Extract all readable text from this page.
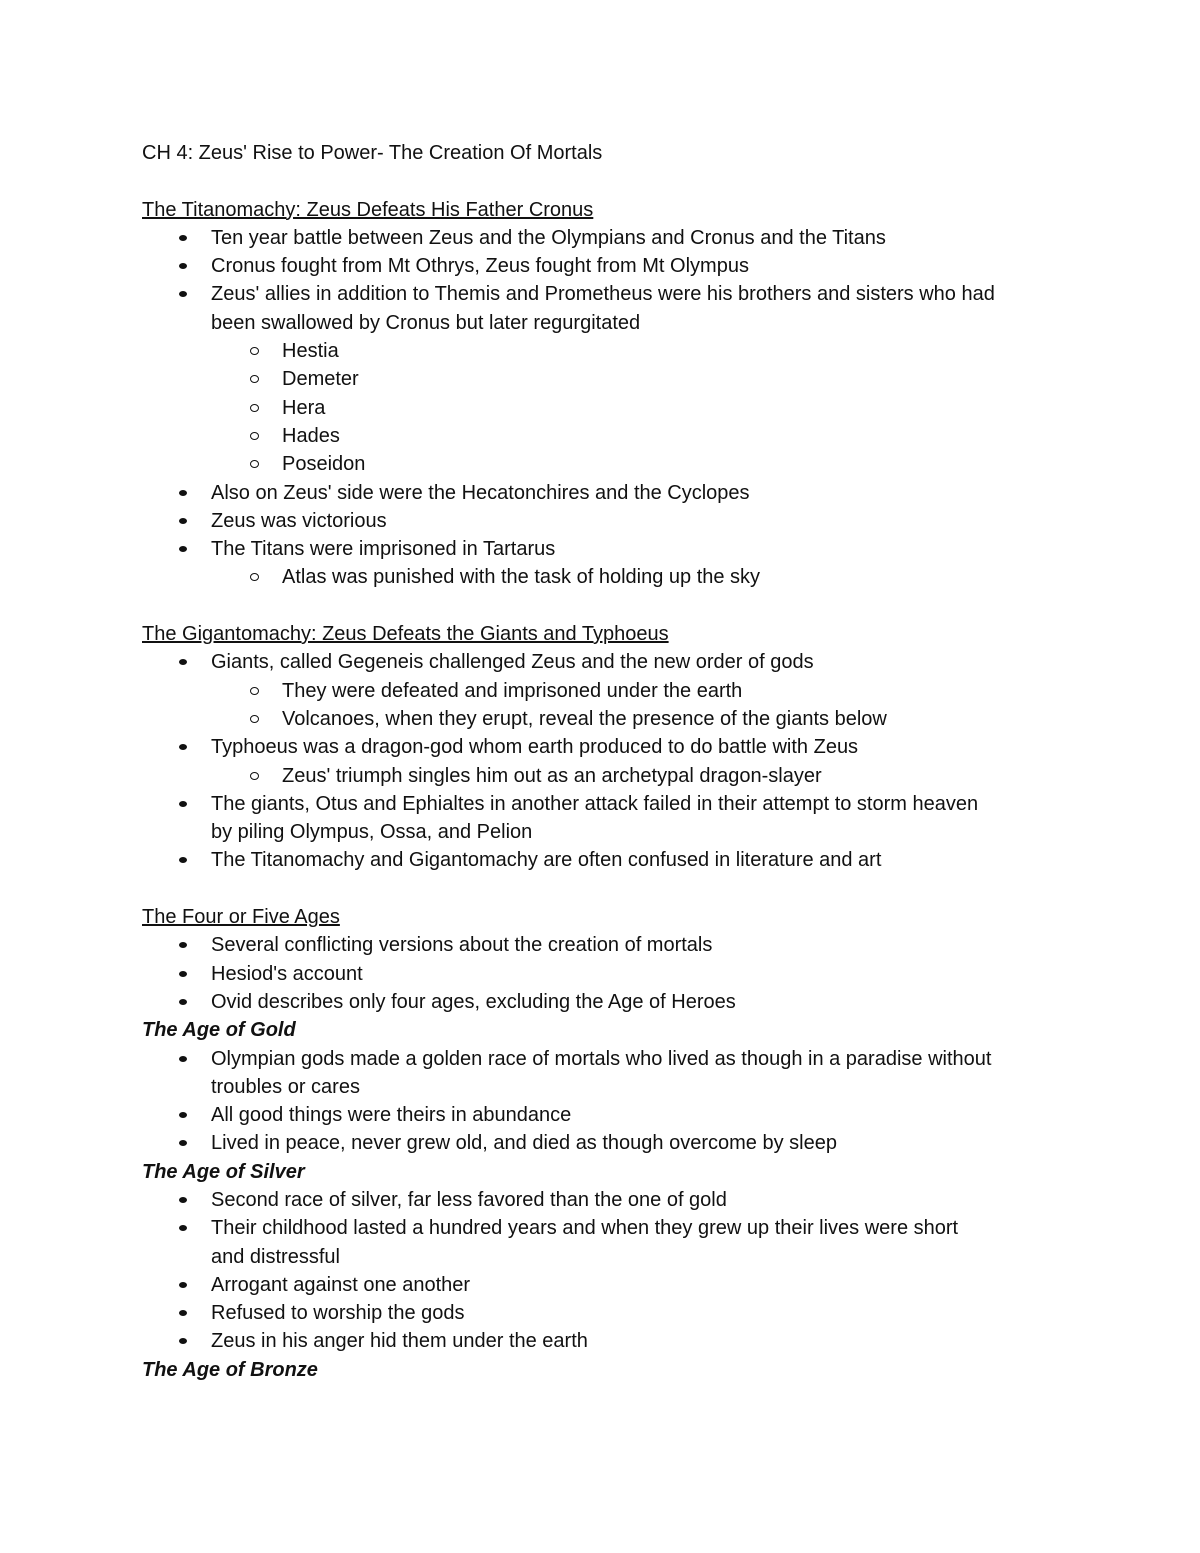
CH 4: Zeus' Rise to Power- The Creation Of Mortals
The Titanomachy: Zeus Defeats His Father Cronus
Ten year battle between Zeus and the Olympians and Cronus and the Titans
Cronus fought from Mt Othrys, Zeus fought from Mt Olympus
Zeus' allies in addition to Themis and Prometheus were his brothers and sisters who had
been swallowed by Cronus but later regurgitated
Hestia
Demeter
Hera
Hades
Poseidon
Also on Zeus' side were the Hecatonchires and the Cyclopes
Zeus was victorious
The Titans were imprisoned in Tartarus
Atlas was punished with the task of holding up the sky
The Gigantomachy: Zeus Defeats the Giants and Typhoeus
Giants, called Gegeneis challenged Zeus and the new order of gods
They were defeated and imprisoned under the earth
Volcanoes, when they erupt, reveal the presence of the giants below
Typhoeus was a dragon-god whom earth produced to do battle with Zeus
Zeus' triumph singles him out as an archetypal dragon-slayer
The giants, Otus and Ephialtes in another attack failed in their attempt to storm heaven
by piling Olympus, Ossa, and Pelion
The Titanomachy and Gigantomachy are often confused in literature and art
The Four or Five Ages
Several conflicting versions about the creation of mortals
Hesiod's account
Ovid describes only four ages, excluding the Age of Heroes
The Age of Gold
Olympian gods made a golden race of mortals who lived as though in a paradise without
troubles or cares
All good things were theirs in abundance
Lived in peace, never grew old, and died as though overcome by sleep
The Age of Silver
Second race of silver, far less favored than the one of gold
Their childhood lasted a hundred years and when they grew up their lives were short
and distressful
Arrogant against one another
Refused to worship the gods
Zeus in his anger hid them under the earth
The Age of Bronze
